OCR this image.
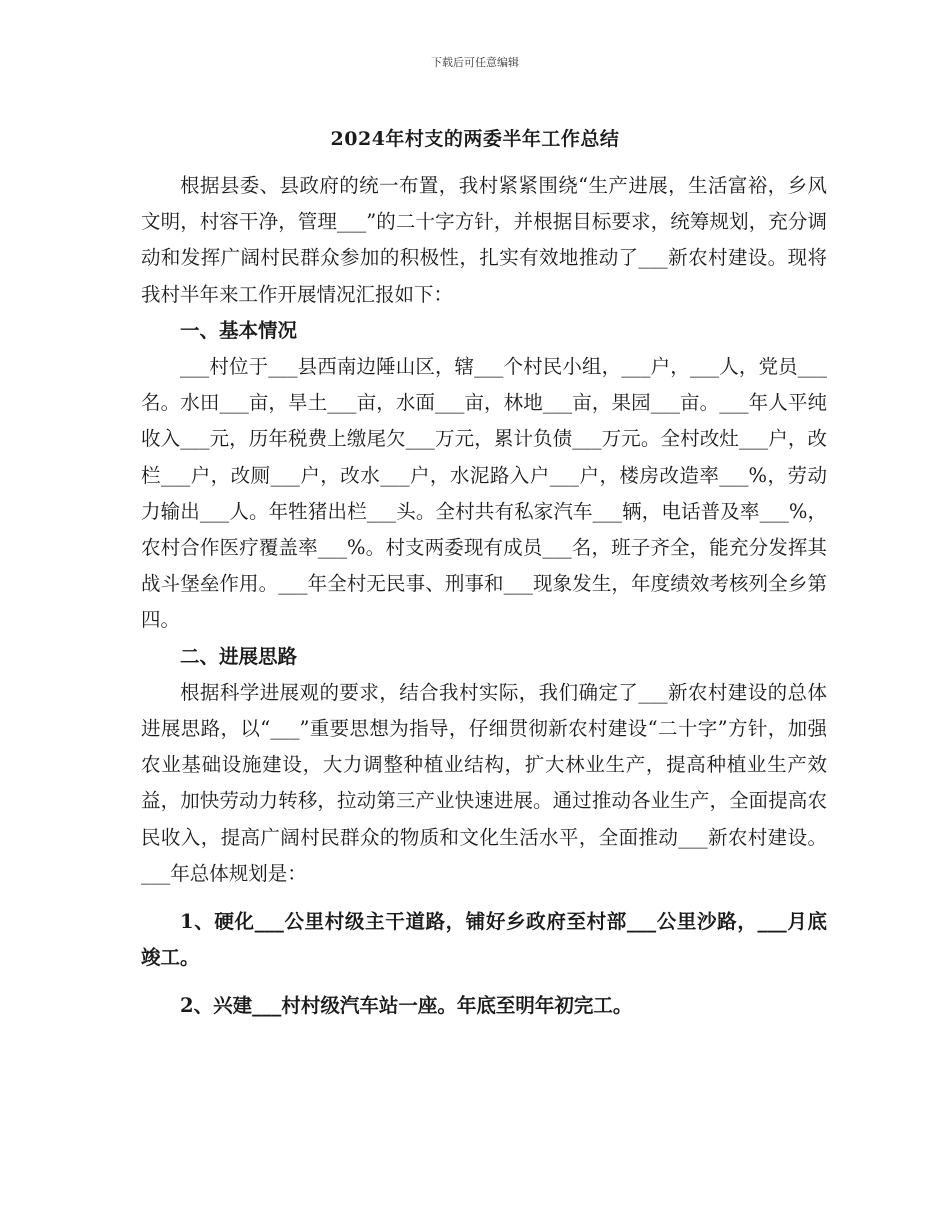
下载后可任意编辑
2024年村支的两委半年工作总结

根据县委、县政府的统一布置，我村紧紧围绕“生产进展，生活富裕，乡风文明，村容干净，管理___”的二十字方针，并根据目标要求，统筹规划，充分调动和发挥广阔村民群众参加的积极性，扎实有效地推动了___新农村建设。现将我村半年来工作开展情况汇报如下：

一、基本情况

___村位于___县西南边陲山区，辖___个村民小组，___户，___人，党员___名。水田___亩，旱土___亩，水面___亩，林地___亩，果园___亩。___年人平纯收入___元，历年税费上缴尾欠___万元，累计负债___万元。全村改灶___户，改栏___户，改厕___户，改水___户，水泥路入户___户，楼房改造率___%，劳动力输出___人。年牲猪出栏___头。全村共有私家汽车___辆，电话普及率___%，农村合作医疗覆盖率___%。村支两委现有成员___名，班子齐全，能充分发挥其战斗堡垒作用。___年全村无民事、刑事和___现象发生，年度绩效考核列全乡第四。

二、进展思路

根据科学进展观的要求，结合我村实际，我们确定了___新农村建设的总体进展思路，以“___”重要思想为指导，仔细贯彻新农村建设“二十字”方针，加强农业基础设施建设，大力调整种植业结构，扩大林业生产，提高种植业生产效益，加快劳动力转移，拉动第三产业快速进展。通过推动各业生产，全面提高农民收入，提高广阔村民群众的物质和文化生活水平，全面推动___新农村建设。___年总体规划是：

1、硬化___公里村级主干道路，铺好乡政府至村部___公里沙路，___月底竣工。

2、兴建___村村级汽车站一座。年底至明年初完工。
